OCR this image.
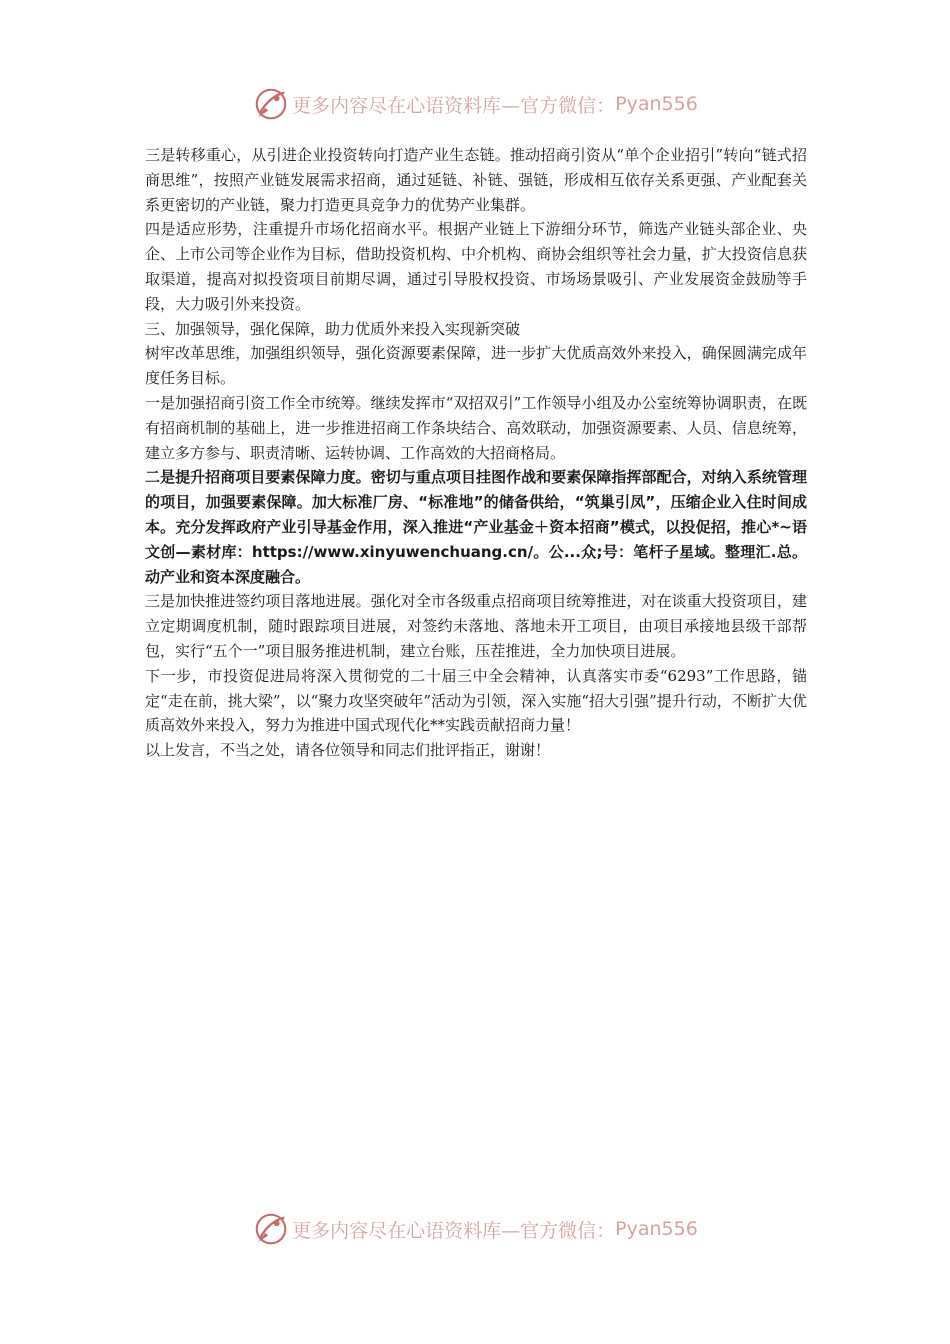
更多内容尽在心语资料库—官方微信： Pyan556

三是转移重心，从引进企业投资转向打造产业生态链。推动招商引资从“单个企业招引”转向“链式招商思维”，按照产业链发展需求招商，通过延链、补链、强链，形成相互依存关系更强、产业配套关系更密切的产业链，聚力打造更具竞争力的优势产业集群。

四是适应形势，注重提升市场化招商水平。根据产业链上下游细分环节，筛选产业链头部企业、央企、上市公司等企业作为目标，借助投资机构、中介机构、商协会组织等社会力量，扩大投资信息获取渠道，提高对拟投资项目前期尽调，通过引导股权投资、市场场景吸引、产业发展资金鼓励等手段，大力吸引外来投资。

三、加强领导，强化保障，助力优质外来投入实现新突破

树牢改革思维，加强组织领导，强化资源要素保障，进一步扩大优质高效外来投入，确保圆满完成年度任务目标。

一是加强招商引资工作全市统筹。继续发挥市“双招双引”工作领导小组及办公室统筹协调职责，在既有招商机制的基础上，进一步推进招商工作条块结合、高效联动，加强资源要素、人员、信息统筹，建立多方参与、职责清晰、运转协调、工作高效的大招商格局。

二是提升招商项目要素保障力度。密切与重点项目挂图作战和要素保障指挥部配合，对纳入系统管理的项目，加强要素保障。加大标准厂房、“标准地”的储备供给，“筑巢引凤”，压缩企业入住时间成本。充分发挥政府产业引导基金作用，深入推进“产业基金＋资本招商”模式，以投促招，推心*~语文创—素材库：https://www.xinyuwenchuang.cn/。公...众;号：笔杆子星域。整理汇.总。动产业和资本深度融合。

三是加快推进签约项目落地进展。强化对全市各级重点招商项目统筹推进，对在谈重大投资项目，建立定期调度机制，随时跟踪项目进展，对签约未落地、落地未开工项目，由项目承接地县级干部帮包，实行“五个一”项目服务推进机制，建立台账，压茬推进，全力加快项目进展。

下一步，市投资促进局将深入贯彻党的二十届三中全会精神，认真落实市委“6293”工作思路，锚定“走在前，挑大梁”，以“聚力攻坚突破年”活动为引领，深入实施“招大引强”提升行动，不断扩大优质高效外来投入，努力为推进中国式现代化**实践贡献招商力量！

以上发言，不当之处，请各位领导和同志们批评指正，谢谢！

更多内容尽在心语资料库—官方微信： Pyan556
